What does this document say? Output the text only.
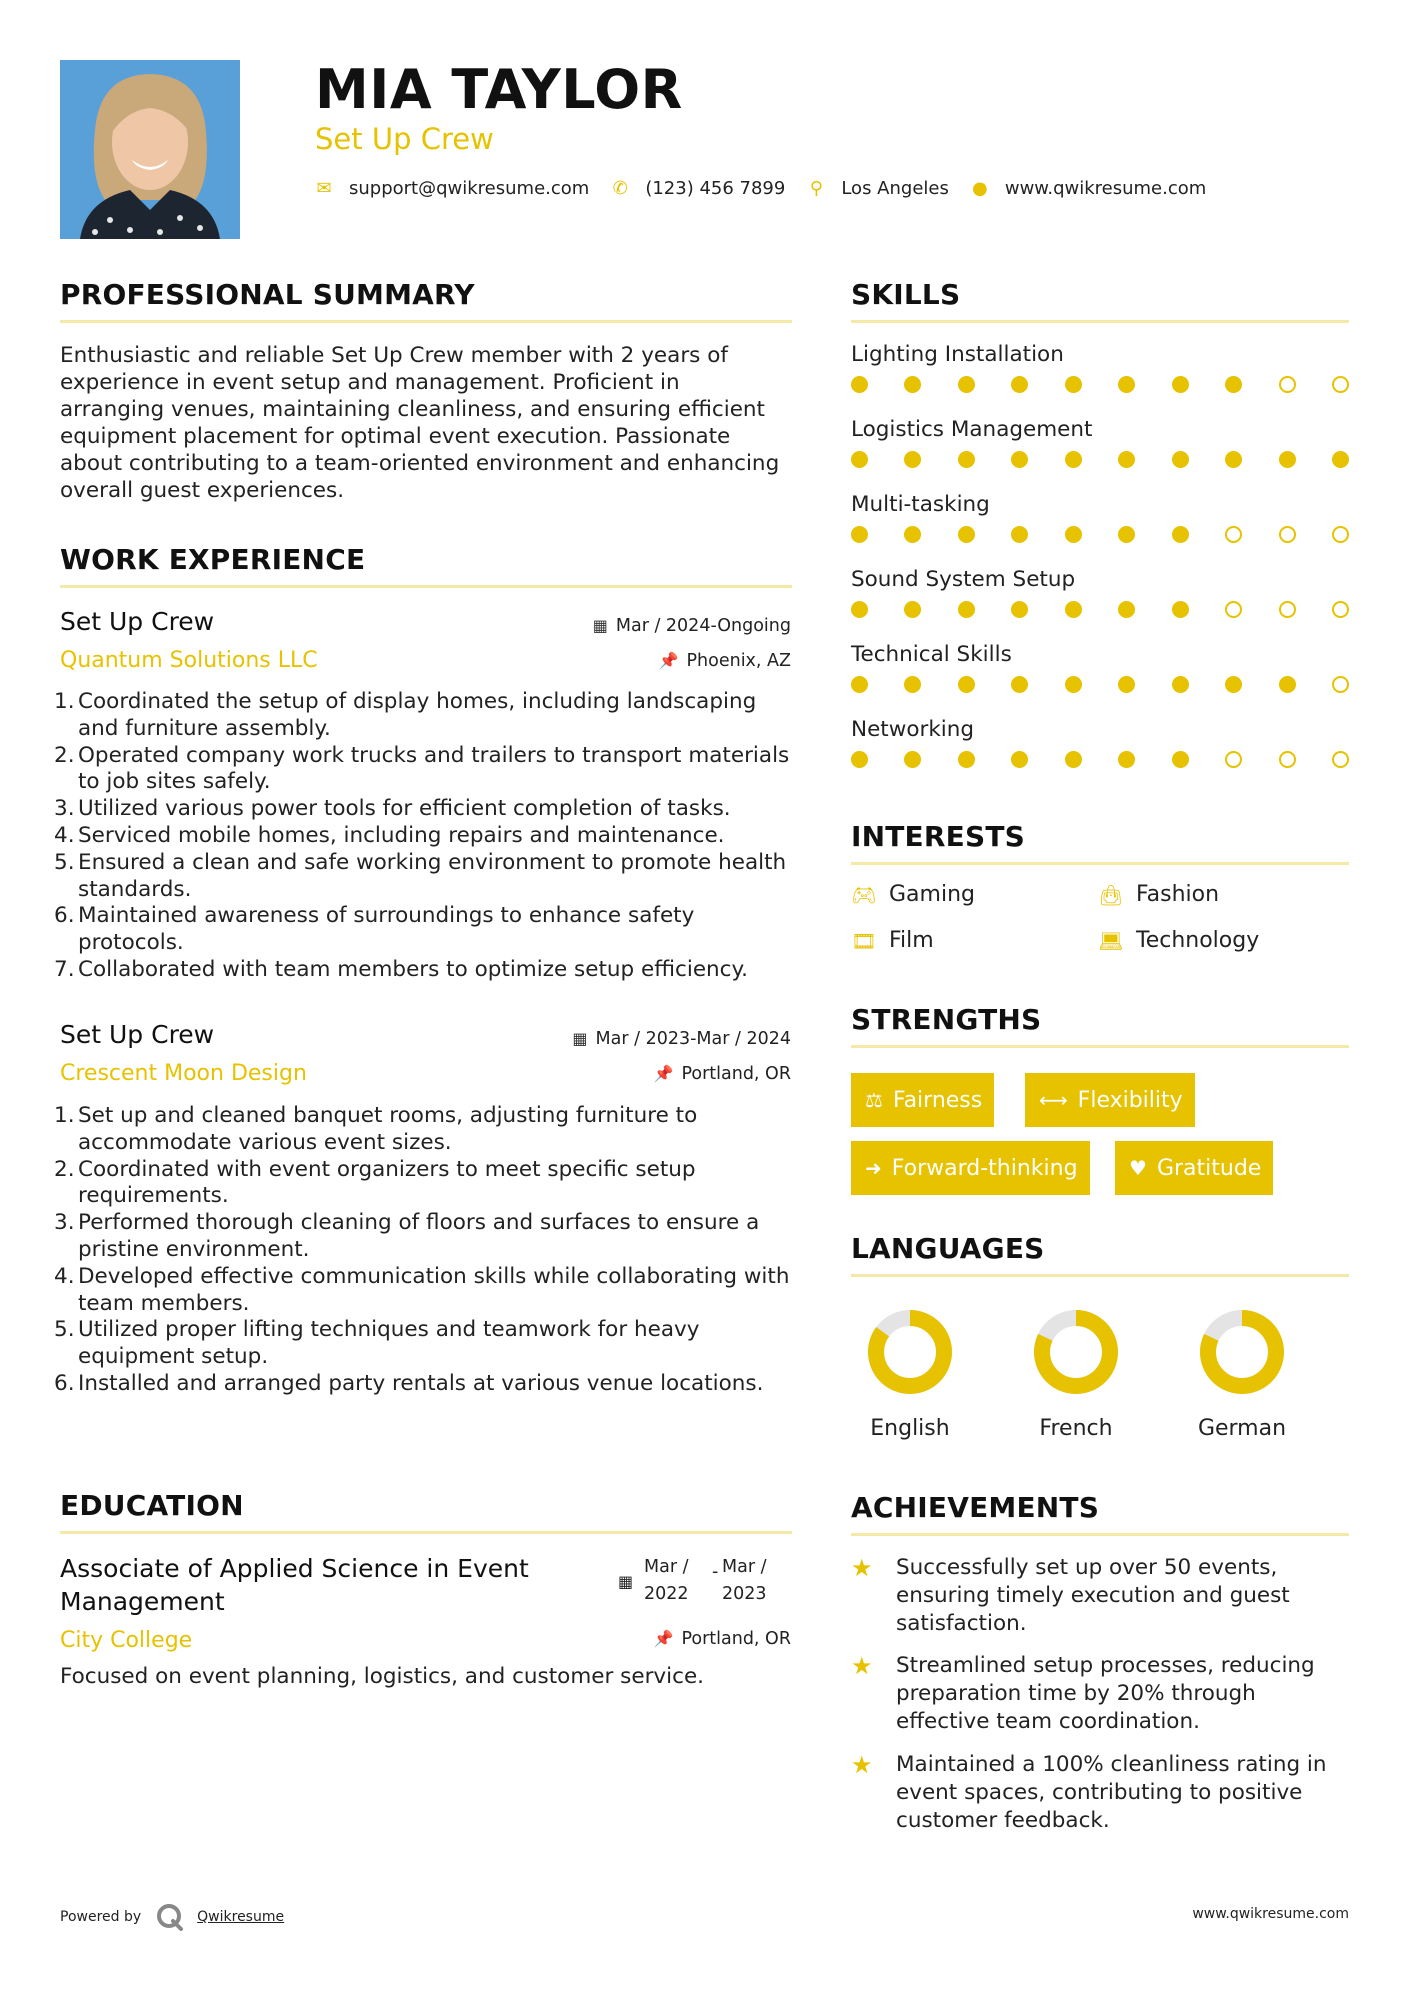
MIA TAYLOR
Set Up Crew
✉ support@qwikresume.com ✆ (123) 456 7899 ⚲ Los Angeles ● www.qwikresume.com
PROFESSIONAL SUMMARY
Enthusiastic and reliable Set Up Crew member with 2 years of experience in event setup and management. Proficient in arranging venues, maintaining cleanliness, and ensuring efficient equipment placement for optimal event execution. Passionate about contributing to a team-oriented environment and enhancing overall guest experiences.
WORK EXPERIENCE
Set Up Crew	▦ Mar / 2024-Ongoing
Quantum Solutions LLC	📌 Phoenix, AZ
Coordinated the setup of display homes, including landscaping and furniture assembly.
Operated company work trucks and trailers to transport materials to job sites safely.
Utilized various power tools for efficient completion of tasks.
Serviced mobile homes, including repairs and maintenance.
Ensured a clean and safe working environment to promote health standards.
Maintained awareness of surroundings to enhance safety protocols.
Collaborated with team members to optimize setup efficiency.
Set Up Crew	▦ Mar / 2023-Mar / 2024
Crescent Moon Design	📌 Portland, OR
Set up and cleaned banquet rooms, adjusting furniture to accommodate various event sizes.
Coordinated with event organizers to meet specific setup requirements.
Performed thorough cleaning of floors and surfaces to ensure a pristine environment.
Developed effective communication skills while collaborating with team members.
Utilized proper lifting techniques and teamwork for heavy equipment setup.
Installed and arranged party rentals at various venue locations.
EDUCATION
Associate of Applied Science in Event Management
▦
Mar /
2022
- Mar /
2023
City College	📌 Portland, OR
Focused on event planning, logistics, and customer service.
SKILLS
Lighting Installation
Logistics Management
Multi-tasking
Sound System Setup
Technical Skills
Networking
INTERESTS
🎮︎ Gaming	👜︎ Fashion
🎞︎ Film	💻︎ Technology
STRENGTHS
⚖ Fairness	⟷ Flexibility
➜ Forward-thinking	♥ Gratitude
LANGUAGES
English	French	German
ACHIEVEMENTS
★	Successfully set up over 50 events, ensuring timely execution and guest satisfaction.
★	Streamlined setup processes, reducing preparation time by 20% through effective team coordination.
★	Maintained a 100% cleanliness rating in event spaces, contributing to positive customer feedback.
Powered by	Qwikresume	www.qwikresume.com
